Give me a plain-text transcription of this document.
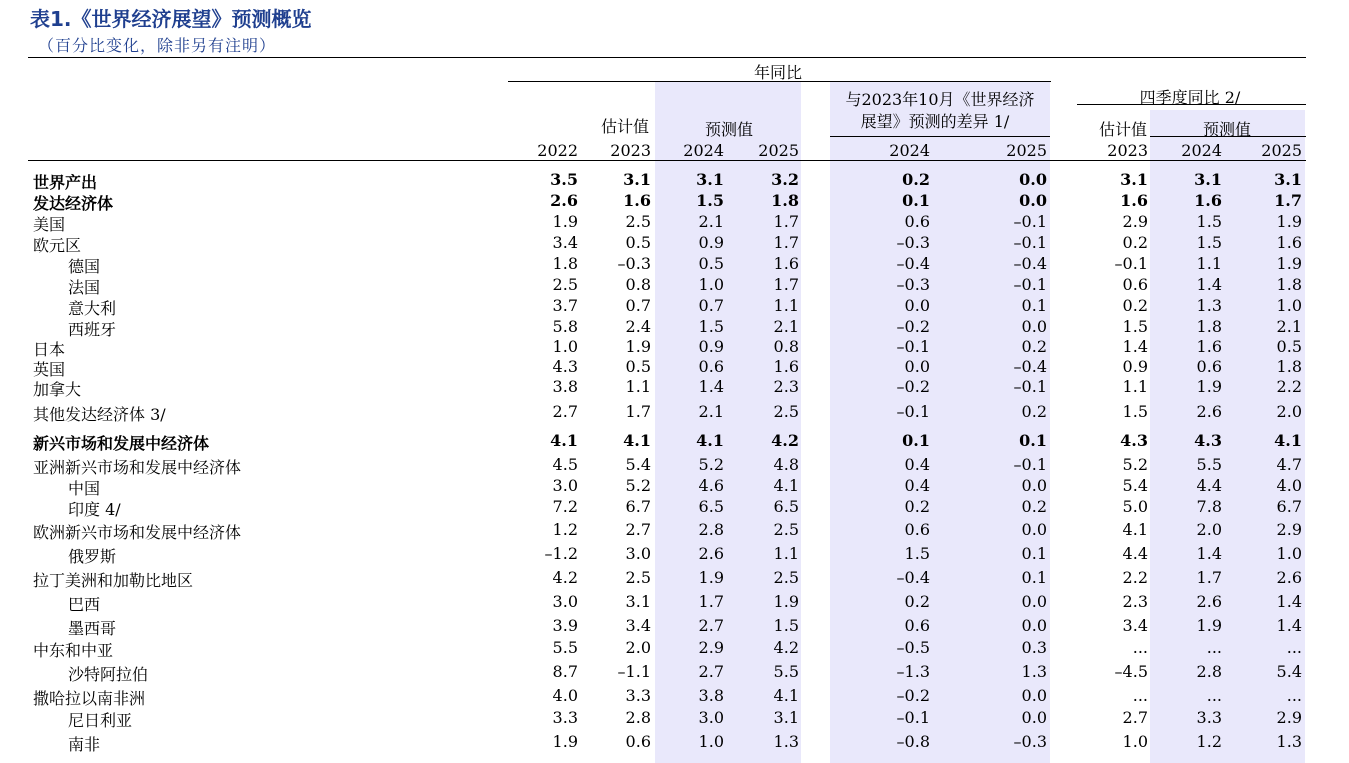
表1.《世界经济展望》预测概览
（百分比变化，除非另有注明）
年同比
估计值	预测值
与2023年10月《世界经济
展望》预测的差异 1/
四季度同比 2/
估计值	预测值
2022	2023	2024	2025	2024	2025	2023	2024	2025
世界产出	3.5	3.1	3.1	3.2	0.2	0.0	3.1	3.1	3.1
发达经济体	2.6	1.6	1.5	1.8	0.1	0.0	1.6	1.6	1.7
美国	1.9	2.5	2.1	1.7	0.6	–0.1	2.9	1.5	1.9
欧元区	3.4	0.5	0.9	1.7	–0.3	–0.1	0.2	1.5	1.6
德国	1.8	–0.3	0.5	1.6	–0.4	–0.4	–0.1	1.1	1.9
法国	2.5	0.8	1.0	1.7	–0.3	–0.1	0.6	1.4	1.8
意大利	3.7	0.7	0.7	1.1	0.0	0.1	0.2	1.3	1.0
西班牙	5.8	2.4	1.5	2.1	–0.2	0.0	1.5	1.8	2.1
日本	1.0	1.9	0.9	0.8	–0.1	0.2	1.4	1.6	0.5
英国	4.3	0.5	0.6	1.6	0.0	–0.4	0.9	0.6	1.8
加拿大	3.8	1.1	1.4	2.3	–0.2	–0.1	1.1	1.9	2.2
其他发达经济体 3/	2.7	1.7	2.1	2.5	–0.1	0.2	1.5	2.6	2.0
新兴市场和发展中经济体	4.1	4.1	4.1	4.2	0.1	0.1	4.3	4.3	4.1
亚洲新兴市场和发展中经济体	4.5	5.4	5.2	4.8	0.4	–0.1	5.2	5.5	4.7
中国	3.0	5.2	4.6	4.1	0.4	0.0	5.4	4.4	4.0
印度 4/	7.2	6.7	6.5	6.5	0.2	0.2	5.0	7.8	6.7
欧洲新兴市场和发展中经济体	1.2	2.7	2.8	2.5	0.6	0.0	4.1	2.0	2.9
俄罗斯	–1.2	3.0	2.6	1.1	1.5	0.1	4.4	1.4	1.0
拉丁美洲和加勒比地区	4.2	2.5	1.9	2.5	–0.4	0.1	2.2	1.7	2.6
巴西	3.0	3.1	1.7	1.9	0.2	0.0	2.3	2.6	1.4
墨西哥	3.9	3.4	2.7	1.5	0.6	0.0	3.4	1.9	1.4
中东和中亚	5.5	2.0	2.9	4.2	–0.5	0.3	...	...	...
沙特阿拉伯	8.7	–1.1	2.7	5.5	–1.3	1.3	–4.5	2.8	5.4
撒哈拉以南非洲	4.0	3.3	3.8	4.1	–0.2	0.0	...	...	...
尼日利亚	3.3	2.8	3.0	3.1	–0.1	0.0	2.7	3.3	2.9
南非	1.9	0.6	1.0	1.3	–0.8	–0.3	1.0	1.2	1.3
